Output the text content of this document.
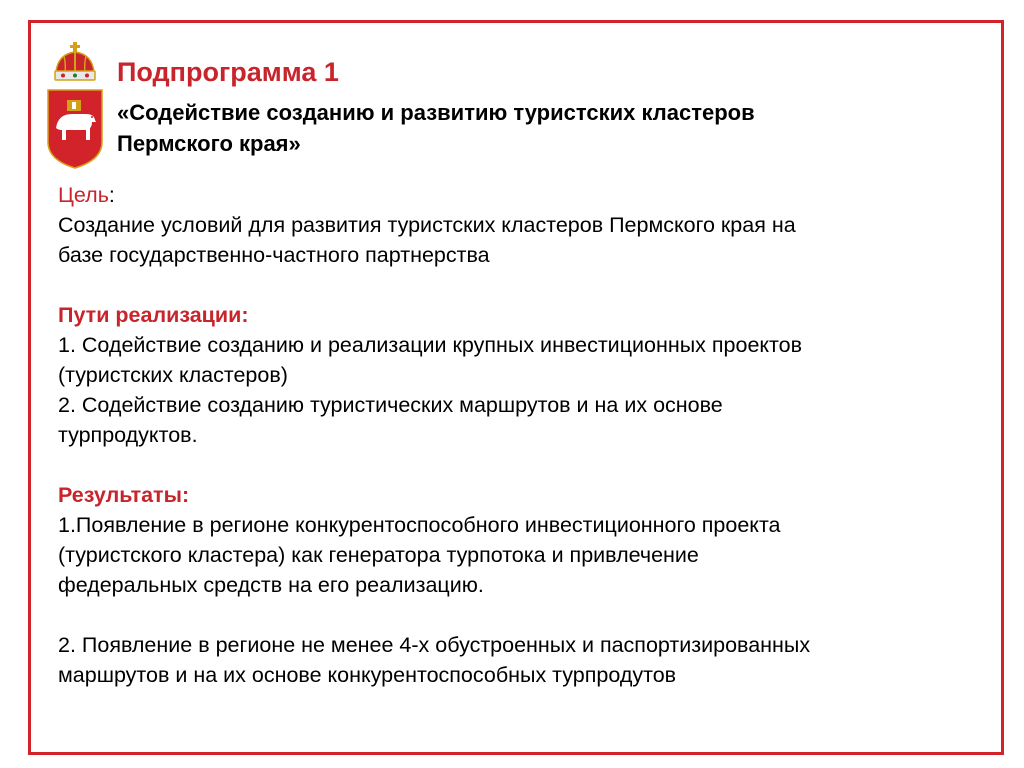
Подпрограмма 1
«Содействие созданию и развитию туристских кластеров
Пермского края»

Цель:

Создание условий для развития туристских кластеров Пермского края на

базе государственно-частного партнерства

Пути реализации:

1. Содействие созданию и реализации крупных инвестиционных проектов

(туристских кластеров)

2. Содействие созданию туристических маршрутов и на их основе

турпродуктов.

Результаты:

1.Появление в регионе конкурентоспособного инвестиционного проекта

(туристского кластера) как генератора турпотока и привлечение

федеральных средств на его реализацию.

2. Появление в регионе не менее 4-х обустроенных и паспортизированных

маршрутов и на их основе конкурентоспособных турпродутов
